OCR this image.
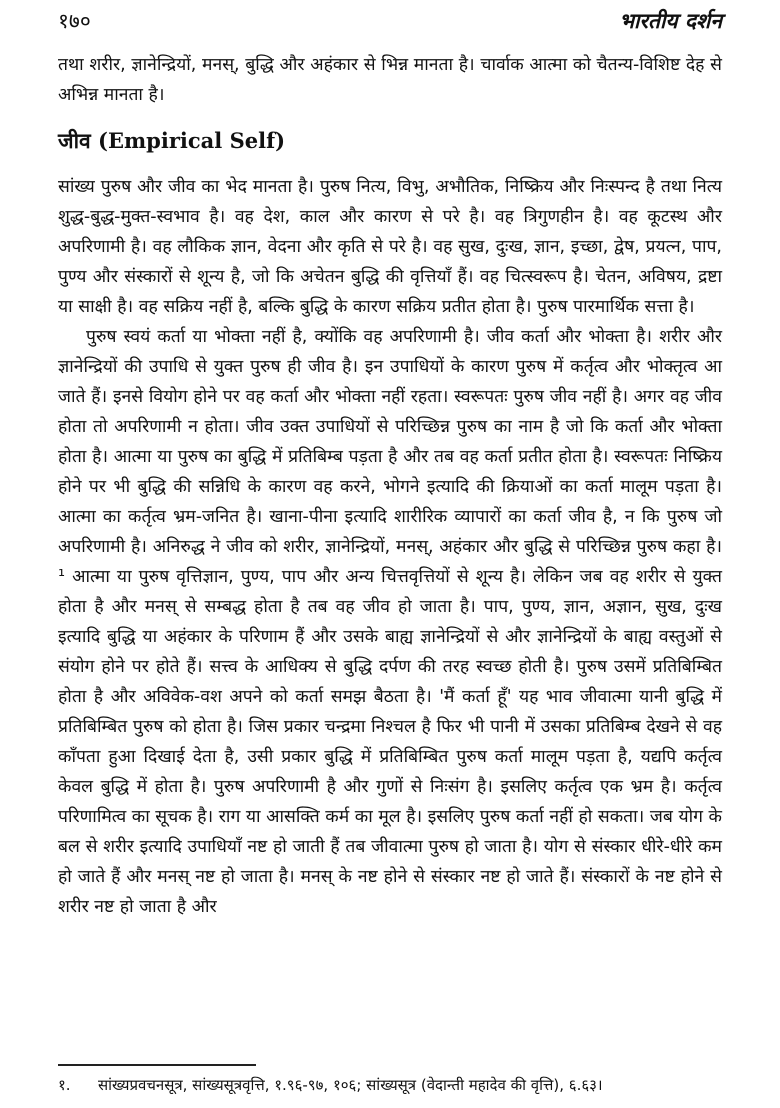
१७०	भारतीय दर्शन

तथा शरीर, ज्ञानेन्द्रियों, मनस्, बुद्धि और अहंकार से भिन्न मानता है। चार्वाक आत्मा को चैतन्य-विशिष्ट देह से अभिन्न मानता है।

जीव (Empirical Self)

सांख्य पुरुष और जीव का भेद मानता है। पुरुष नित्य, विभु, अभौतिक, निष्क्रिय और निःस्पन्द है तथा नित्य शुद्ध-बुद्ध-मुक्त-स्वभाव है। वह देश, काल और कारण से परे है। वह त्रिगुणहीन है। वह कूटस्थ और अपरिणामी है। वह लौकिक ज्ञान, वेदना और कृति से परे है। वह सुख, दुःख, ज्ञान, इच्छा, द्वेष, प्रयत्न, पाप, पुण्य और संस्कारों से शून्य है, जो कि अचेतन बुद्धि की वृत्तियाँ हैं। वह चित्स्वरूप है। चेतन, अविषय, द्रष्टा या साक्षी है। वह सक्रिय नहीं है, बल्कि बुद्धि के कारण सक्रिय प्रतीत होता है। पुरुष पारमार्थिक सत्ता है।

पुरुष स्वयं कर्ता या भोक्ता नहीं है, क्योंकि वह अपरिणामी है। जीव कर्ता और भोक्ता है। शरीर और ज्ञानेन्द्रियों की उपाधि से युक्त पुरुष ही जीव है। इन उपाधियों के कारण पुरुष में कर्तृत्व और भोक्तृत्व आ जाते हैं। इनसे वियोग होने पर वह कर्ता और भोक्ता नहीं रहता। स्वरूपतः पुरुष जीव नहीं है। अगर वह जीव होता तो अपरिणामी न होता। जीव उक्त उपाधियों से परिच्छिन्न पुरुष का नाम है जो कि कर्ता और भोक्ता होता है। आत्मा या पुरुष का बुद्धि में प्रतिबिम्ब पड़ता है और तब वह कर्ता प्रतीत होता है। स्वरूपतः निष्क्रिय होने पर भी बुद्धि की सन्निधि के कारण वह करने, भोगने इत्यादि की क्रियाओं का कर्ता मालूम पड़ता है। आत्मा का कर्तृत्व भ्रम-जनित है। खाना-पीना इत्यादि शारीरिक व्यापारों का कर्ता जीव है, न कि पुरुष जो अपरिणामी है। अनिरुद्ध ने जीव को शरीर, ज्ञानेन्द्रियों, मनस्, अहंकार और बुद्धि से परिच्छिन्न पुरुष कहा है।¹ आत्मा या पुरुष वृत्तिज्ञान, पुण्य, पाप और अन्य चित्तवृत्तियों से शून्य है। लेकिन जब वह शरीर से युक्त होता है और मनस् से सम्बद्ध होता है तब वह जीव हो जाता है। पाप, पुण्य, ज्ञान, अज्ञान, सुख, दुःख इत्यादि बुद्धि या अहंकार के परिणाम हैं और उसके बाह्य ज्ञानेन्द्रियों से और ज्ञानेन्द्रियों के बाह्य वस्तुओं से संयोग होने पर होते हैं। सत्त्व के आधिक्य से बुद्धि दर्पण की तरह स्वच्छ होती है। पुरुष उसमें प्रतिबिम्बित होता है और अविवेक-वश अपने को कर्ता समझ बैठता है। 'मैं कर्ता हूँ' यह भाव जीवात्मा यानी बुद्धि में प्रतिबिम्बित पुरुष को होता है। जिस प्रकार चन्द्रमा निश्चल है फिर भी पानी में उसका प्रतिबिम्ब देखने से वह काँपता हुआ दिखाई देता है, उसी प्रकार बुद्धि में प्रतिबिम्बित पुरुष कर्ता मालूम पड़ता है, यद्यपि कर्तृत्व केवल बुद्धि में होता है। पुरुष अपरिणामी है और गुणों से निःसंग है। इसलिए कर्तृत्व एक भ्रम है। कर्तृत्व परिणामित्व का सूचक है। राग या आसक्ति कर्म का मूल है। इसलिए पुरुष कर्ता नहीं हो सकता। जब योग के बल से शरीर इत्यादि उपाधियाँ नष्ट हो जाती हैं तब जीवात्मा पुरुष हो जाता है। योग से संस्कार धीरे-धीरे कम हो जाते हैं और मनस् नष्ट हो जाता है। मनस् के नष्ट होने से संस्कार नष्ट हो जाते हैं। संस्कारों के नष्ट होने से शरीर नष्ट हो जाता है और

१. सांख्यप्रवचनसूत्र, सांख्यसूत्रवृत्ति, १.९६-९७, १०६; सांख्यसूत्र (वेदान्ती महादेव की वृत्ति), ६.६३।
